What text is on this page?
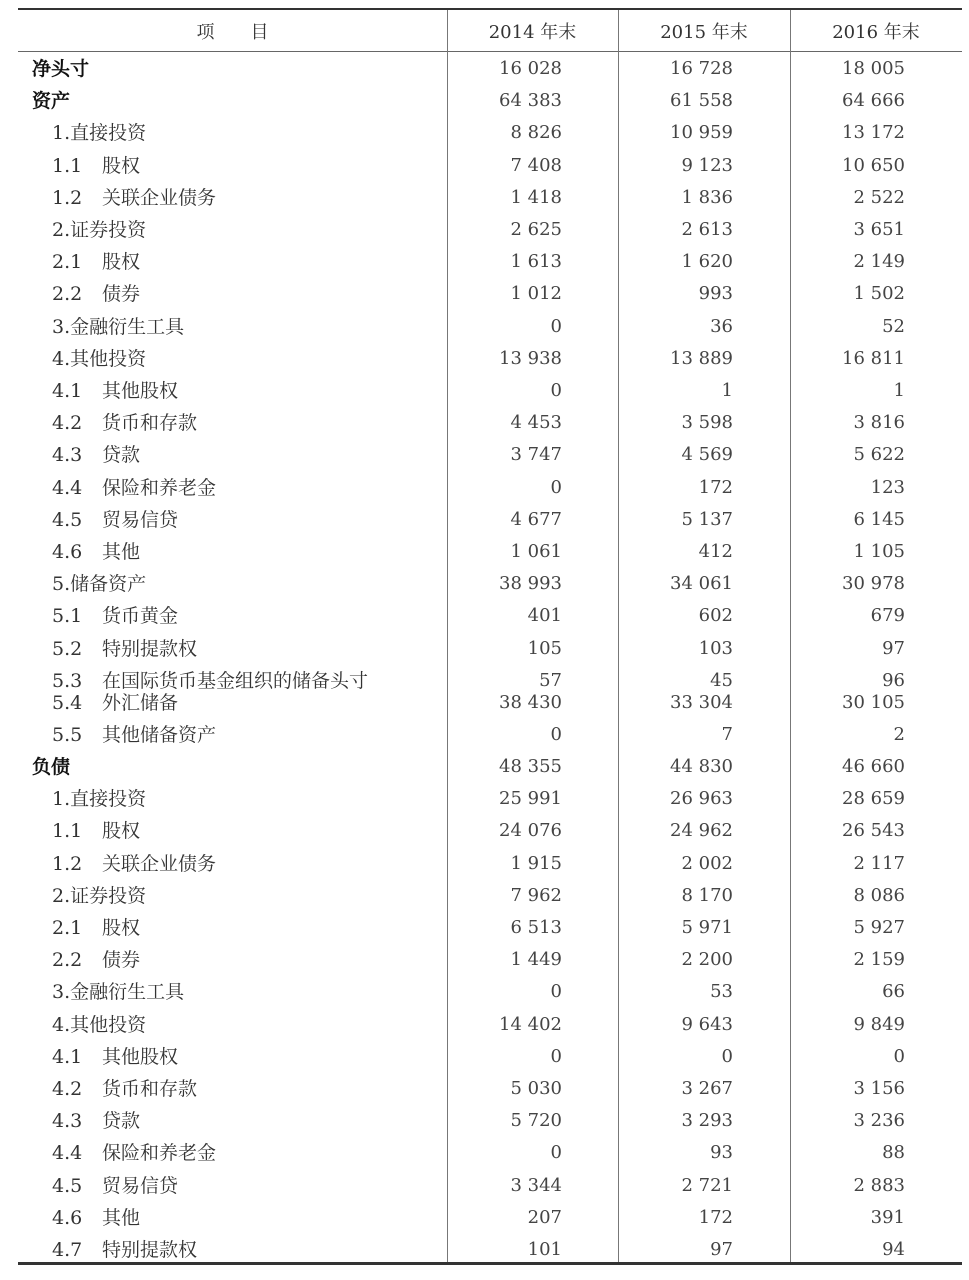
项　　目	2014 年末	2015 年末	2016 年末
净头寸	16 028	16 728	18 005
资产	64 383	61 558	64 666
1.直接投资	8 826	10 959	13 172
1.1 股权	7 408	9 123	10 650
1.2 关联企业债务	1 418	1 836	2 522
2.证券投资	2 625	2 613	3 651
2.1 股权	1 613	1 620	2 149
2.2 债券	1 012	993	1 502
3.金融衍生工具	0	36	52
4.其他投资	13 938	13 889	16 811
4.1 其他股权	0	1	1
4.2 货币和存款	4 453	3 598	3 816
4.3 贷款	3 747	4 569	5 622
4.4 保险和养老金	0	172	123
4.5 贸易信贷	4 677	5 137	6 145
4.6 其他	1 061	412	1 105
5.储备资产	38 993	34 061	30 978
5.1 货币黄金	401	602	679
5.2 特别提款权	105	103	97
5.3 在国际货币基金组织的储备头寸	57	45	96
5.4 外汇储备	38 430	33 304	30 105
5.5 其他储备资产	0	7	2
负债	48 355	44 830	46 660
1.直接投资	25 991	26 963	28 659
1.1 股权	24 076	24 962	26 543
1.2 关联企业债务	1 915	2 002	2 117
2.证券投资	7 962	8 170	8 086
2.1 股权	6 513	5 971	5 927
2.2 债券	1 449	2 200	2 159
3.金融衍生工具	0	53	66
4.其他投资	14 402	9 643	9 849
4.1 其他股权	0	0	0
4.2 货币和存款	5 030	3 267	3 156
4.3 贷款	5 720	3 293	3 236
4.4 保险和养老金	0	93	88
4.5 贸易信贷	3 344	2 721	2 883
4.6 其他	207	172	391
4.7 特别提款权	101	97	94
